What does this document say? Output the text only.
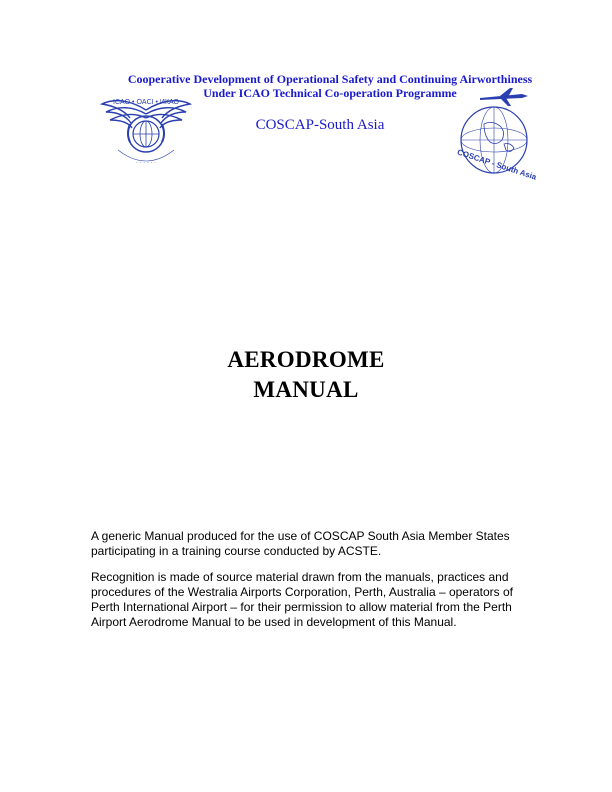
ICAO • OACI • ИКАО
· · · · · ·
Cooperative Development of Operational Safety and Continuing Airworthiness
Under ICAO Technical Co-operation Programme
COSCAP-South Asia
COSCAP - South Asia
AERODROME
MANUAL
A generic Manual produced for the use of COSCAP South Asia Member States
participating in a training course conducted by ACSTE.
Recognition is made of source material drawn from the manuals, practices and
procedures of the Westralia Airports Corporation, Perth, Australia – operators of
Perth International Airport – for their permission to allow material from the Perth
Airport Aerodrome Manual to be used in development of this Manual.
